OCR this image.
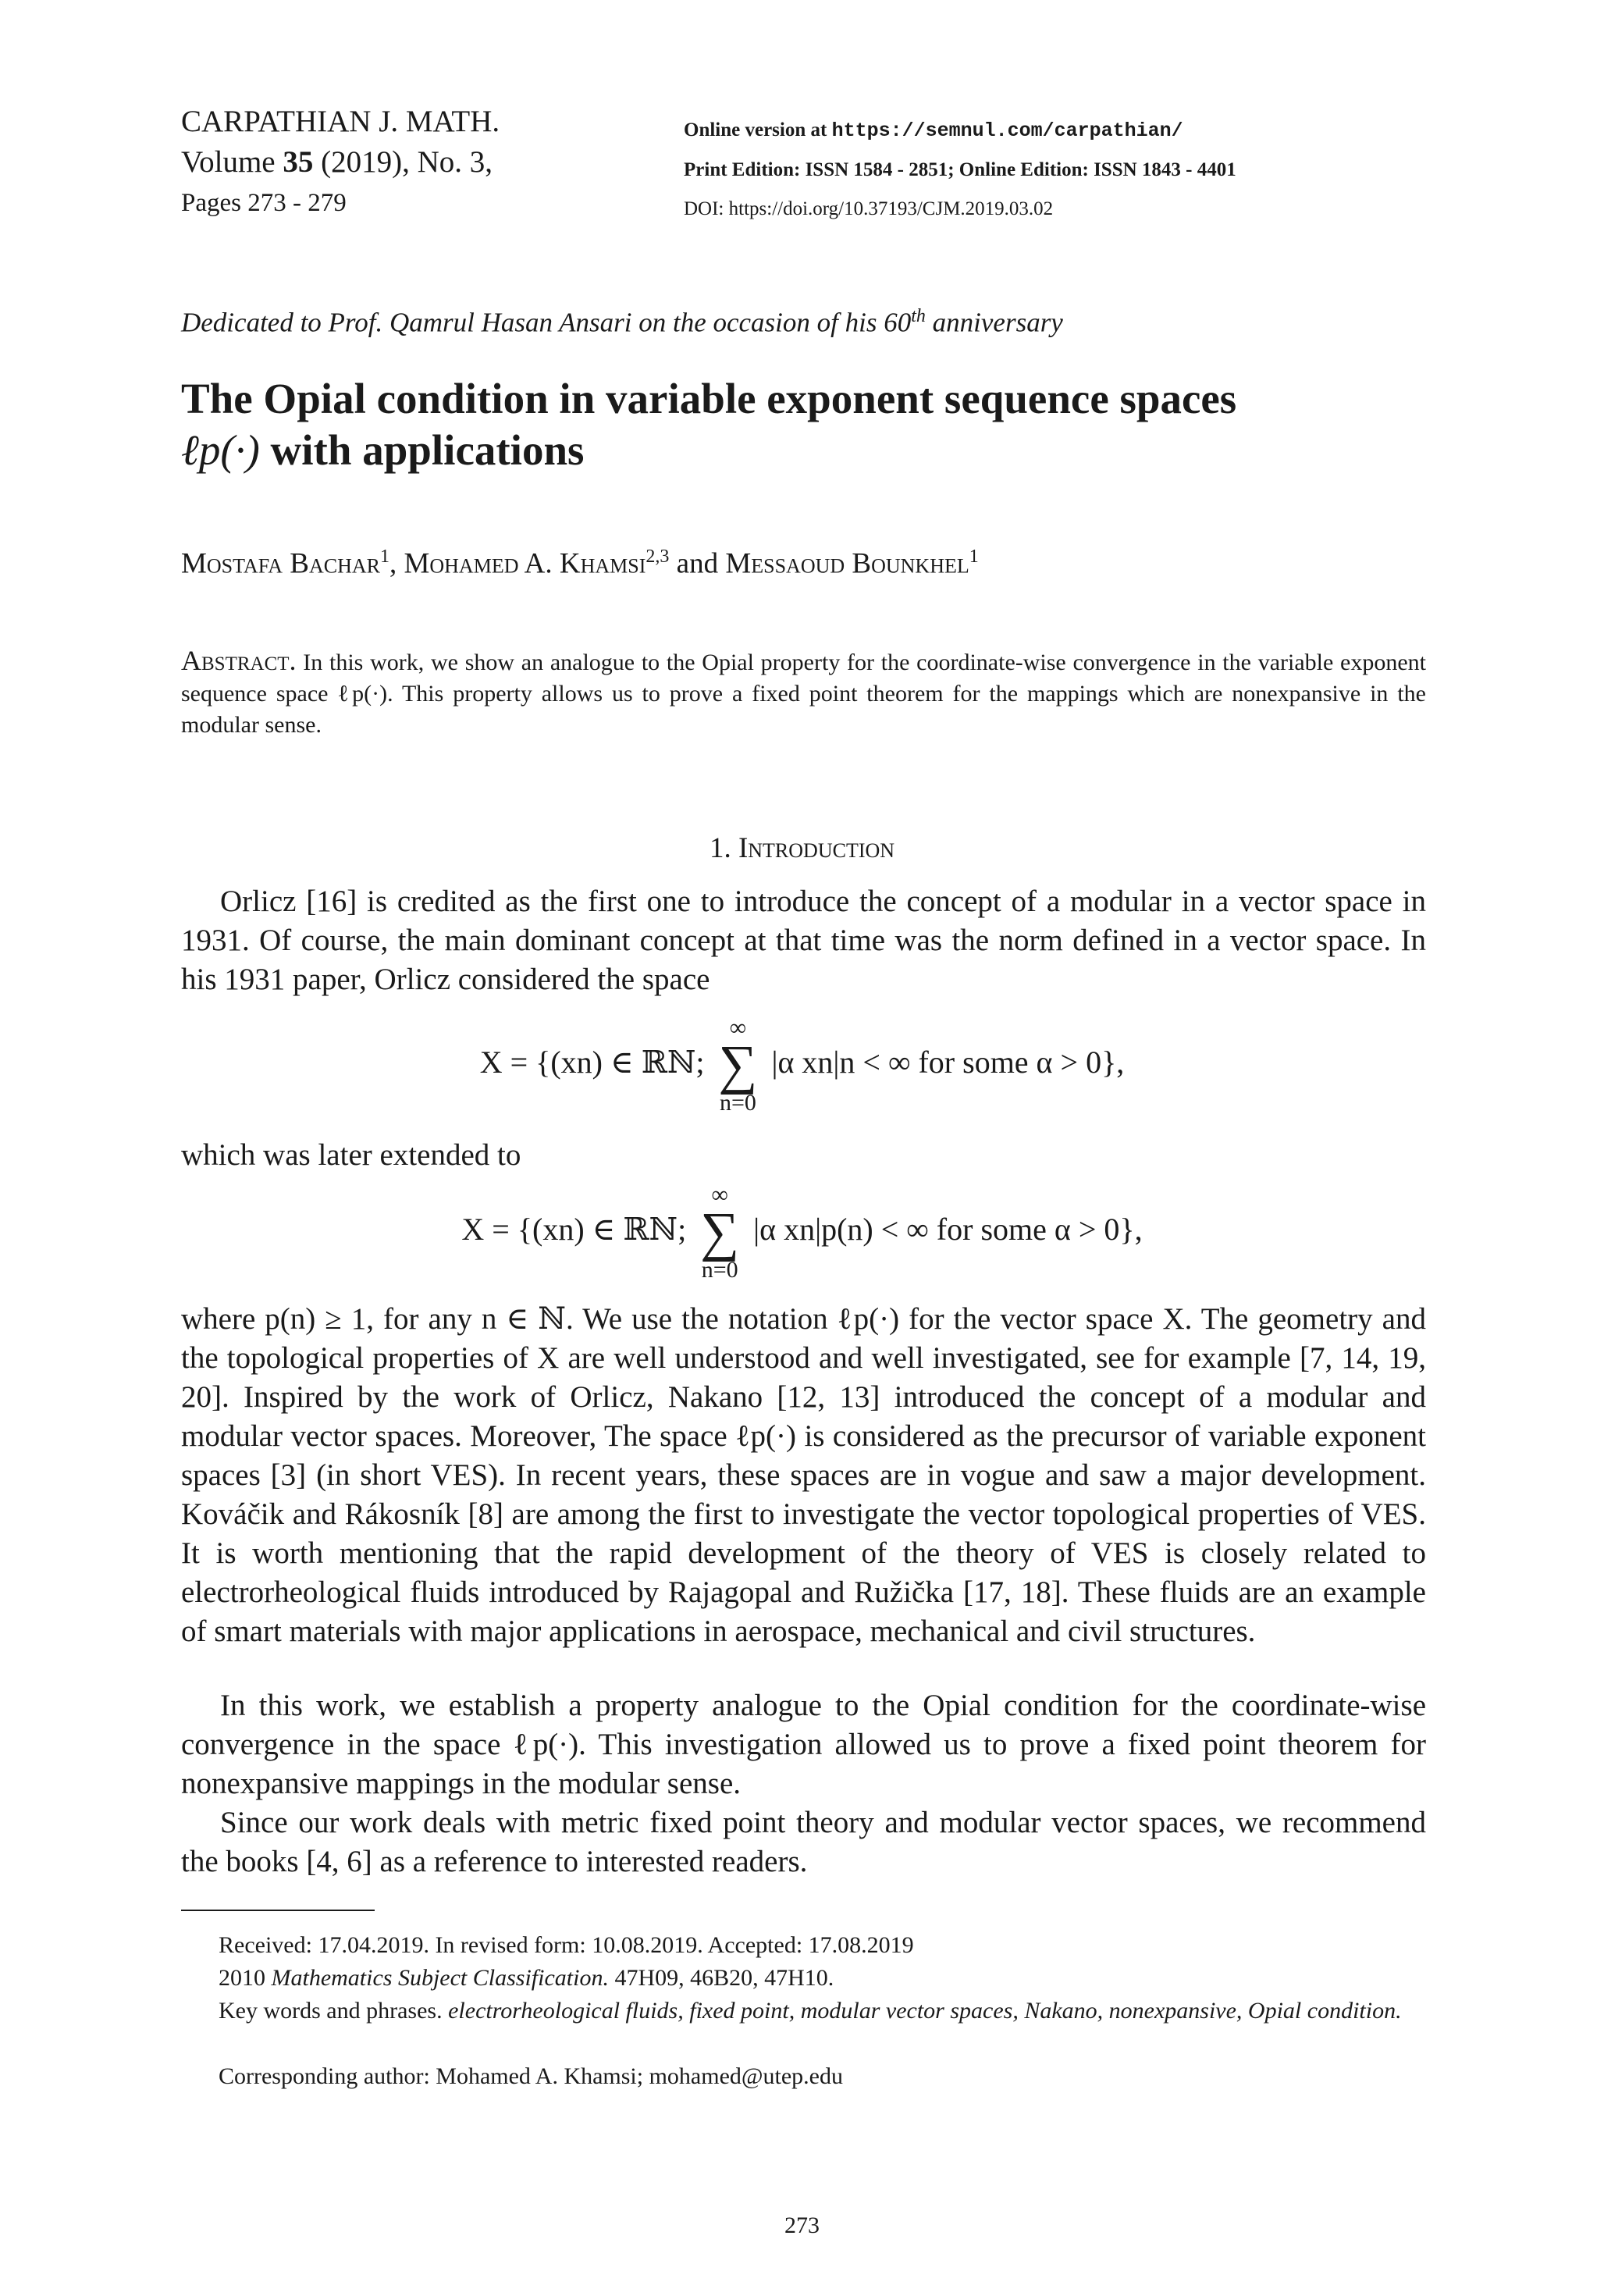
CARPATHIAN J. MATH.
Volume 35 (2019), No. 3,
Pages 273 - 279
Online version at https://semnul.com/carpathian/
Print Edition: ISSN 1584 - 2851; Online Edition: ISSN 1843 - 4401
DOI: https://doi.org/10.37193/CJM.2019.03.02
Dedicated to Prof. Qamrul Hasan Ansari on the occasion of his 60th anniversary
The Opial condition in variable exponent sequence spaces
ℓp(·) with applications
Mostafa Bachar$^1$, Mohamed A. Khamsi$^{2,3}$ and Messaoud Bounkhel$^1$
Abstract. In this work, we show an analogue to the Opial property for the coordinate-wise convergence in the variable exponent sequence space ℓp(·). This property allows us to prove a fixed point theorem for the mappings which are nonexpansive in the modular sense.
1. Introduction
Orlicz [16] is credited as the first one to introduce the concept of a modular in a vector space in 1931. Of course, the main dominant concept at that time was the norm defined in a vector space. In his 1931 paper, Orlicz considered the space
X = {(xn) ∈ ℝℕ;
∞
∑
n=0
|α xn|n < ∞ for some α > 0},
which was later extended to
X = {(xn) ∈ ℝℕ;
∞
∑
n=0
|α xn|p(n) < ∞ for some α > 0},
where p(n) ≥ 1, for any n ∈ ℕ. We use the notation ℓp(·) for the vector space X. The geometry and the topological properties of X are well understood and well investigated, see for example [7, 14, 19, 20]. Inspired by the work of Orlicz, Nakano [12, 13] introduced the concept of a modular and modular vector spaces. Moreover, The space ℓp(·) is considered as the precursor of variable exponent spaces [3] (in short VES). In recent years, these spaces are in vogue and saw a major development. Kováčik and Rákosník [8] are among the first to investigate the vector topological properties of VES. It is worth mentioning that the rapid development of the theory of VES is closely related to electrorheological fluids introduced by Rajagopal and Ružička [17, 18]. These fluids are an example of smart materials with major applications in aerospace, mechanical and civil structures.
In this work, we establish a property analogue to the Opial condition for the coordinate-wise convergence in the space ℓp(·). This investigation allowed us to prove a fixed point theorem for nonexpansive mappings in the modular sense.
Since our work deals with metric fixed point theory and modular vector spaces, we recommend the books [4, 6] as a reference to interested readers.
Received: 17.04.2019. In revised form: 10.08.2019. Accepted: 17.08.2019
2010 Mathematics Subject Classification. 47H09, 46B20, 47H10.
Key words and phrases. electrorheological fluids, fixed point, modular vector spaces, Nakano, nonexpansive, Opial condition.
Corresponding author: Mohamed A. Khamsi; mohamed@utep.edu
273
